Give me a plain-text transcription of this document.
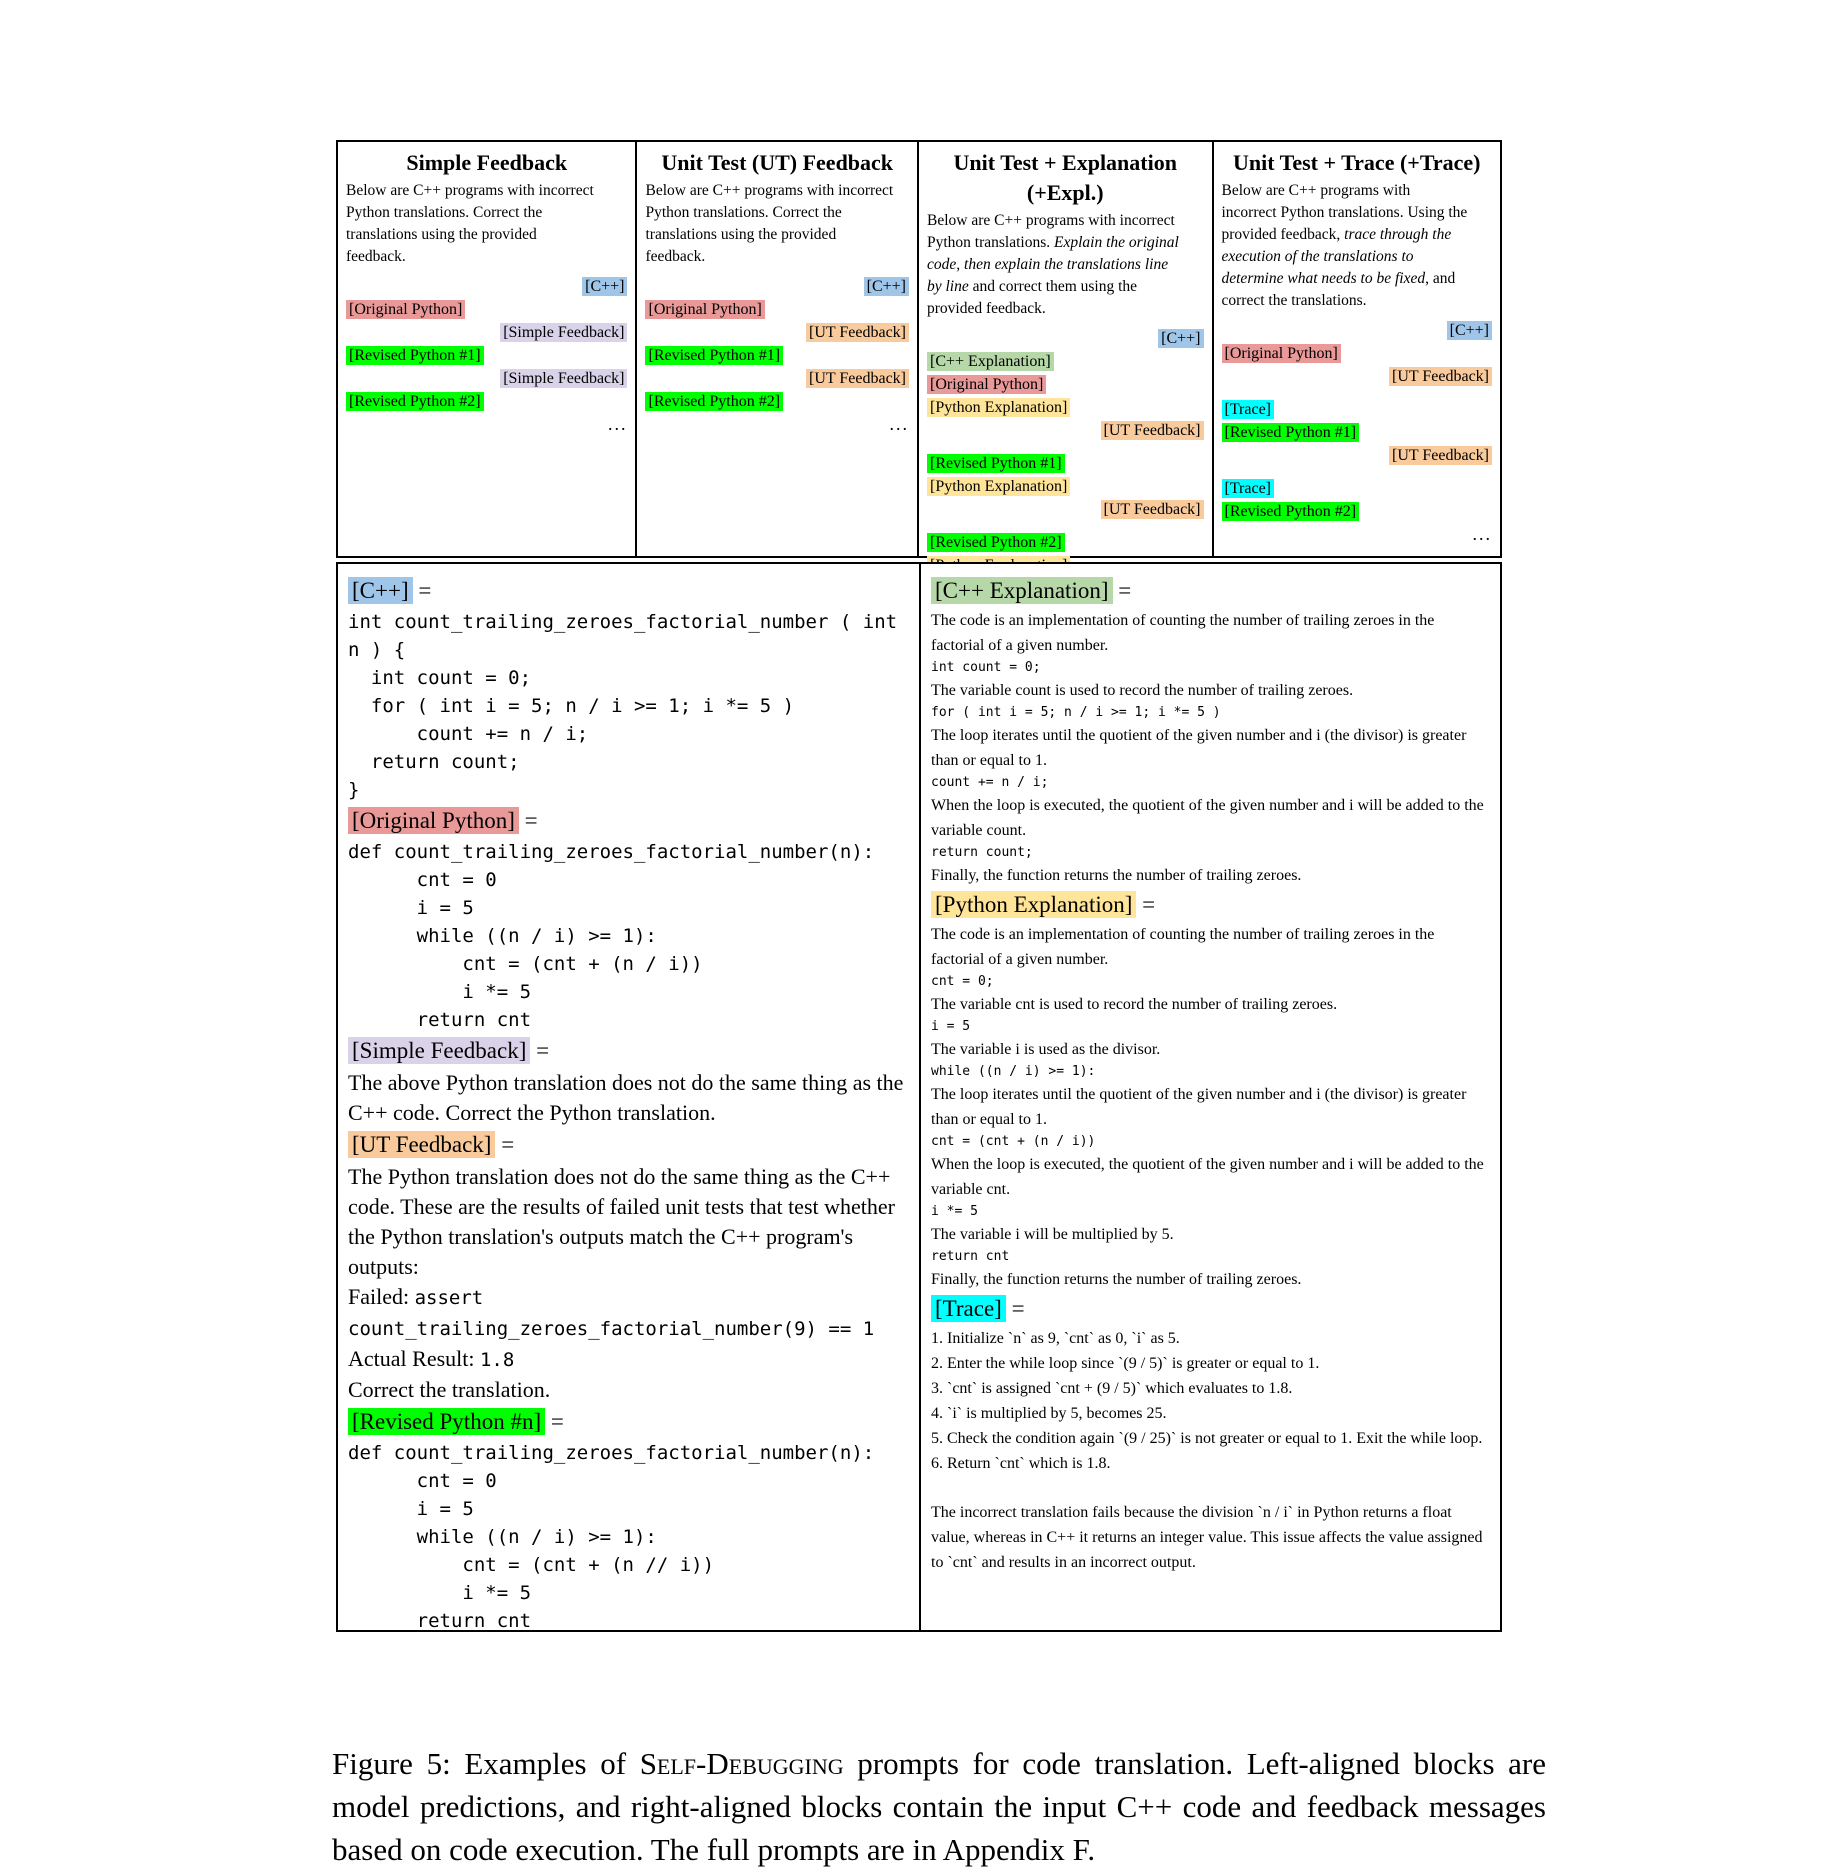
Simple Feedback
Below are C++ programs with incorrect
Python translations. Correct the
translations using the provided
feedback.
[C++]
[Original Python]
[Simple Feedback]
[Revised Python #1]
[Simple Feedback]
[Revised Python #2]
...
Unit Test (UT) Feedback
Below are C++ programs with incorrect
Python translations. Correct the
translations using the provided
feedback.
[C++]
[Original Python]
[UT Feedback]
[Revised Python #1]
[UT Feedback]
[Revised Python #2]
...
Unit Test + Explanation
(+Expl.)
Below are C++ programs with incorrect
Python translations. Explain the original
code, then explain the translations line
by line and correct them using the
provided feedback.
[C++]
[C++ Explanation]
[Original Python]
[Python Explanation]
[UT Feedback]
[Revised Python #1]
[Python Explanation]
[UT Feedback]
[Revised Python #2]
Unit Test + Trace (+Trace)
Below are C++ programs with
incorrect Python translations. Using the
provided feedback, trace through the
execution of the translations to
determine what needs to be fixed, and
correct the translations.
[C++]
[Original Python]
[UT Feedback]
[Trace]
[Revised Python #1]
[UT Feedback]
[Trace]
[Revised Python #2]
...
[C++] =
int count_trailing_zeroes_factorial_number ( int
n ) {
int count = 0;
for ( int i = 5; n / i >= 1; i *= 5 )
count += n / i;
return count;
}
[Original Python] =
def count_trailing_zeroes_factorial_number(n):
cnt = 0
i = 5
while ((n / i) >= 1):
cnt = (cnt + (n / i))
i *= 5
return cnt
[Simple Feedback] =
The above Python translation does not do the same thing as the C++ code. Correct the Python translation.
[UT Feedback] =
The Python translation does not do the same thing as the C++ code. These are the results of failed unit tests that test whether the Python translation's outputs match the C++ program's outputs:
Failed: assert count_trailing_zeroes_factorial_number(9) == 1
Actual Result: 1.8
Correct the translation.
[Revised Python #n] =
def count_trailing_zeroes_factorial_number(n):
cnt = 0
i = 5
while ((n / i) >= 1):
cnt = (cnt + (n // i))
i *= 5
return cnt
[C++ Explanation] =
The code is an implementation of counting the number of trailing zeroes in the factorial of a given number.
int count = 0;
The variable count is used to record the number of trailing zeroes.
for ( int i = 5; n / i >= 1; i *= 5 )
The loop iterates until the quotient of the given number and i (the divisor) is greater than or equal to 1.
count += n / i;
When the loop is executed, the quotient of the given number and i will be added to the variable count.
return count;
Finally, the function returns the number of trailing zeroes.
[Python Explanation] =
The code is an implementation of counting the number of trailing zeroes in the factorial of a given number.
cnt = 0;
The variable cnt is used to record the number of trailing zeroes.
i = 5
The variable i is used as the divisor.
while ((n / i) >= 1):
The loop iterates until the quotient of the given number and i (the divisor) is greater than or equal to 1.
cnt = (cnt + (n / i))
When the loop is executed, the quotient of the given number and i will be added to the variable cnt.
i *= 5
The variable i will be multiplied by 5.
return cnt
Finally, the function returns the number of trailing zeroes.
[Trace] =
1. Initialize `n` as 9, `cnt` as 0, `i` as 5.
2. Enter the while loop since `(9 / 5)` is greater or equal to 1.
3. `cnt` is assigned `cnt + (9 / 5)` which evaluates to 1.8.
4. `i` is multiplied by 5, becomes 25.
5. Check the condition again `(9 / 25)` is not greater or equal to 1. Exit the while loop.
6. Return `cnt` which is 1.8.
The incorrect translation fails because the division `n / i` in Python returns a float value, whereas in C++ it returns an integer value. This issue affects the value assigned to `cnt` and results in an incorrect output.
Figure 5: Examples of Self-Debugging prompts for code translation. Left-aligned blocks are model predictions, and right-aligned blocks contain the input C++ code and feedback messages based on code execution. The full prompts are in Appendix F.
